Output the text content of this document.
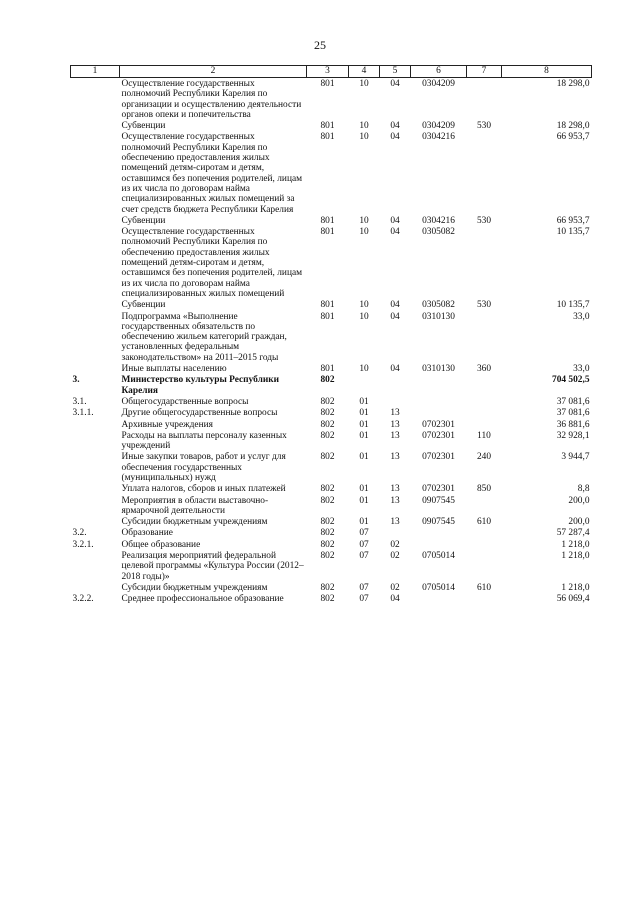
25
1	2	3	4	5	6	7	8
	Осуществление государственных полномочий Республики Карелия по организации и осуществлению деятельности органов опеки и попечительства	801	10	04	0304209		18 298,0
	Субвенции	801	10	04	0304209	530	18 298,0
	Осуществление государственных полномочий Республики Карелия по обеспечению предоставления жилых помещений детям-сиротам и детям, оставшимся без попечения родителей, лицам из их числа по договорам найма специализированных жилых помещений за счет средств бюджета Республики Карелия	801	10	04	0304216		66 953,7
	Субвенции	801	10	04	0304216	530	66 953,7
	Осуществление государственных полномочий Республики Карелия по обеспечению предоставления жилых помещений детям-сиротам и детям, оставшимся без попечения родителей, лицам из их числа по договорам найма специализированных жилых помещений	801	10	04	0305082		10 135,7
	Субвенции	801	10	04	0305082	530	10 135,7
	Подпрограмма «Выполнение государственных обязательств по обеспечению жильем категорий граждан, установленных федеральным законодательством» на 2011–2015 годы	801	10	04	0310130		33,0
	Иные выплаты населению	801	10	04	0310130	360	33,0
3.	Министерство культуры Республики Карелия	802					704 502,5
3.1.	Общегосударственные вопросы	802	01				37 081,6
3.1.1.	Другие общегосударственные вопросы	802	01	13			37 081,6
	Архивные учреждения	802	01	13	0702301		36 881,6
	Расходы на выплаты персоналу казенных учреждений	802	01	13	0702301	110	32 928,1
	Иные закупки товаров, работ и услуг для обеспечения государственных (муниципальных) нужд	802	01	13	0702301	240	3 944,7
	Уплата налогов, сборов и иных платежей	802	01	13	0702301	850	8,8
	Мероприятия в области выставочно-ярмарочной деятельности	802	01	13	0907545		200,0
	Субсидии бюджетным учреждениям	802	01	13	0907545	610	200,0
3.2.	Образование	802	07				57 287,4
3.2.1.	Общее образование	802	07	02			1 218,0
	Реализация мероприятий федеральной целевой программы «Культура России (2012–2018 годы)»	802	07	02	0705014		1 218,0
	Субсидии бюджетным учреждениям	802	07	02	0705014	610	1 218,0
3.2.2.	Среднее профессиональное образование	802	07	04			56 069,4
